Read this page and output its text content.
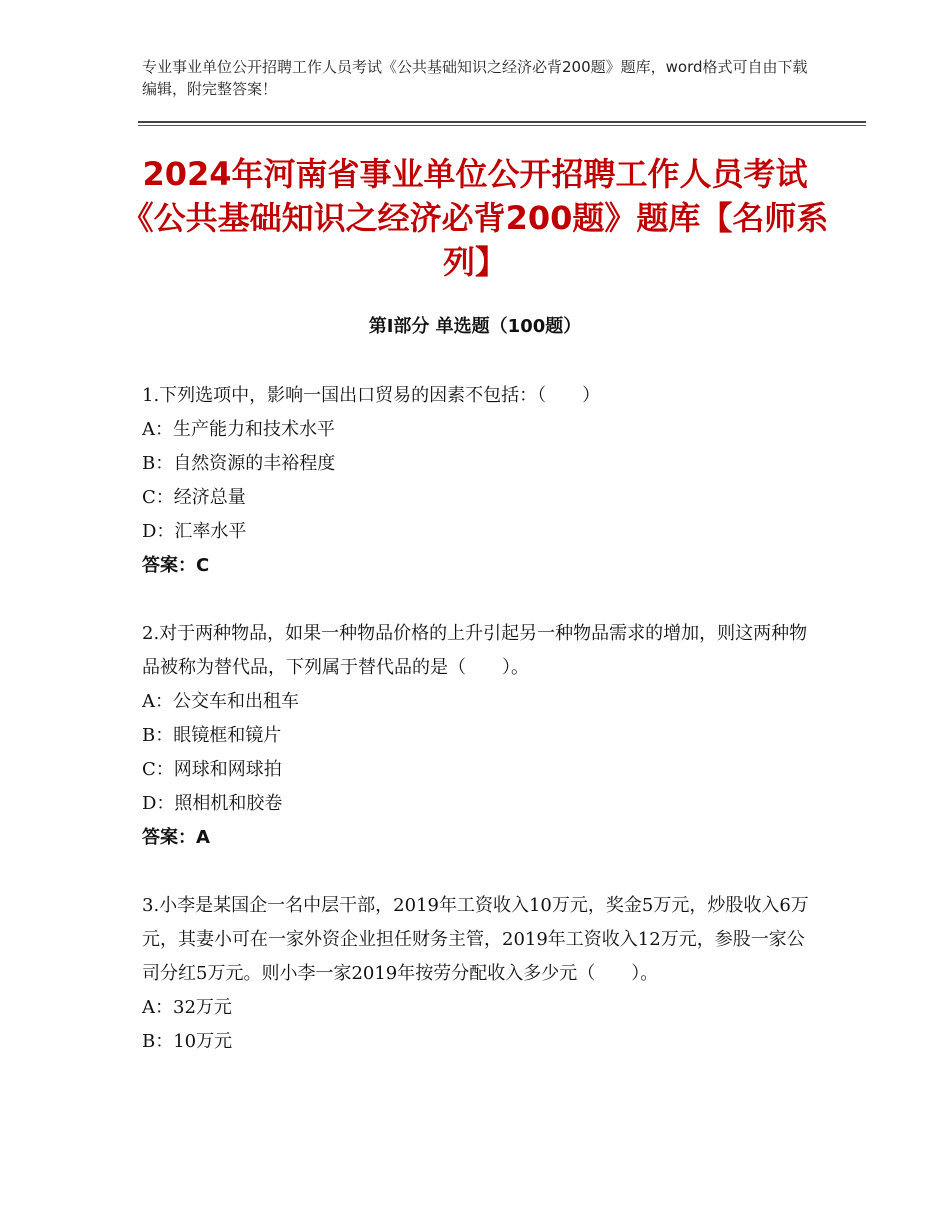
专业事业单位公开招聘工作人员考试《公共基础知识之经济必背200题》题库，word格式可自由下载编辑，附完整答案！
2024年河南省事业单位公开招聘工作人员考试《公共基础知识之经济必背200题》题库【名师系列】
第Ⅰ部分 单选题（100题）

1.下列选项中，影响一国出口贸易的因素不包括：（　　）

A：生产能力和技术水平

B：自然资源的丰裕程度

C：经济总量

D：汇率水平

答案：C

2.对于两种物品，如果一种物品价格的上升引起另一种物品需求的增加，则这两种物品被称为替代品，下列属于替代品的是（　　）。

A：公交车和出租车

B：眼镜框和镜片

C：网球和网球拍

D：照相机和胶卷

答案：A

3.小李是某国企一名中层干部，2019年工资收入10万元，奖金5万元，炒股收入6万元，其妻小可在一家外资企业担任财务主管，2019年工资收入12万元，参股一家公司分红5万元。则小李一家2019年按劳分配收入多少元（　　）。

A：32万元

B：10万元
